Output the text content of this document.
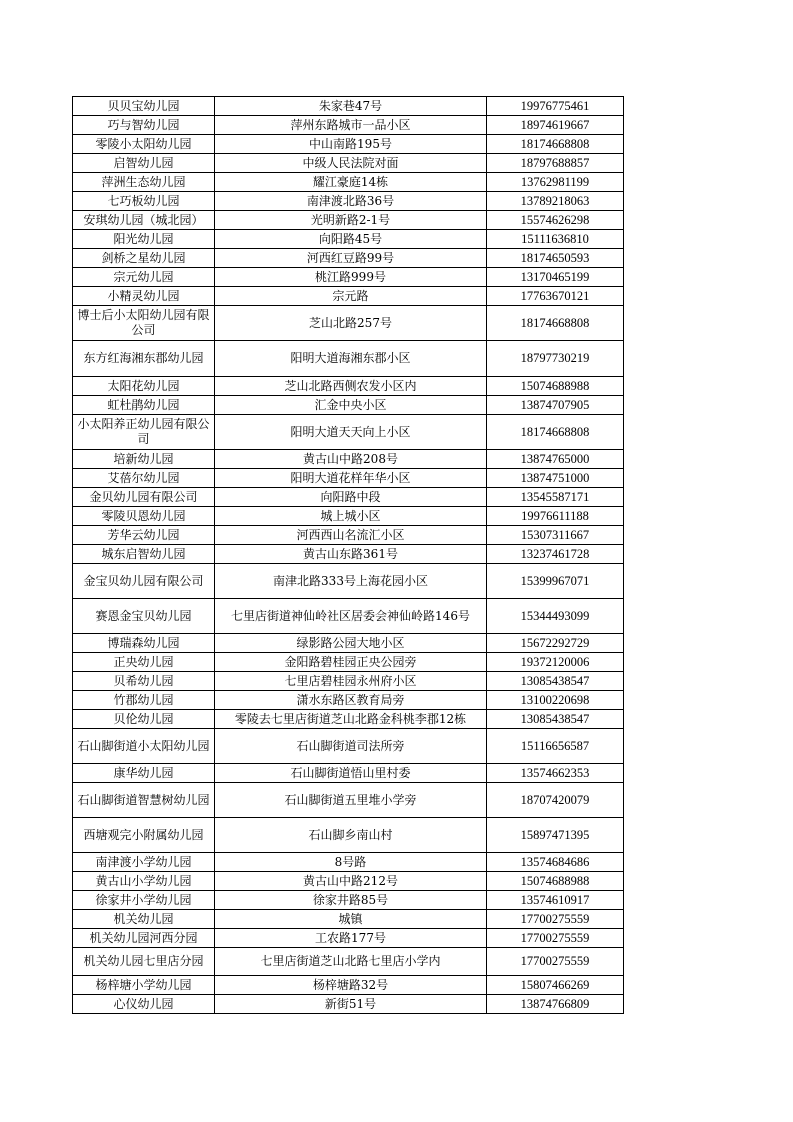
贝贝宝幼儿园	朱家巷47号	19976775461
巧与智幼儿园	萍州东路城市一品小区	18974619667
零陵小太阳幼儿园	中山南路195号	18174668808
启智幼儿园	中级人民法院对面	18797688857
萍洲生态幼儿园	耀江豪庭14栋	13762981199
七巧板幼儿园	南津渡北路36号	13789218063
安琪幼儿园（城北园）	光明新路2-1号	15574626298
阳光幼儿园	向阳路45号	15111636810
剑桥之星幼儿园	河西红豆路99号	18174650593
宗元幼儿园	桃江路999号	13170465199
小精灵幼儿园	宗元路	17763670121
博士后小太阳幼儿园有限公司	芝山北路257号	18174668808
东方红海湘东郡幼儿园	阳明大道海湘东郡小区	18797730219
太阳花幼儿园	芝山北路西侧农发小区内	15074688988
虹杜鹃幼儿园	汇金中央小区	13874707905
小太阳养正幼儿园有限公司	阳明大道天天向上小区	18174668808
培新幼儿园	黄古山中路208号	13874765000
艾蓓尔幼儿园	阳明大道花样年华小区	13874751000
金贝幼儿园有限公司	向阳路中段	13545587171
零陵贝恩幼儿园	城上城小区	19976611188
芳华云幼儿园	河西西山名流汇小区	15307311667
城东启智幼儿园	黄古山东路361号	13237461728
金宝贝幼儿园有限公司	南津北路333号上海花园小区	15399967071
赛恩金宝贝幼儿园	七里店街道神仙岭社区居委会神仙岭路146号	15344493099
博瑞森幼儿园	绿影路公园大地小区	15672292729
正央幼儿园	金阳路碧桂园正央公园旁	19372120006
贝希幼儿园	七里店碧桂园永州府小区	13085438547
竹郡幼儿园	潇水东路区教育局旁	13100220698
贝伦幼儿园	零陵去七里店街道芝山北路金科桃李郡12栋	13085438547
石山脚街道小太阳幼儿园	石山脚街道司法所旁	15116656587
康华幼儿园	石山脚街道悟山里村委	13574662353
石山脚街道智慧树幼儿园	石山脚街道五里堆小学旁	18707420079
西塘观完小附属幼儿园	石山脚乡南山村	15897471395
南津渡小学幼儿园	8号路	13574684686
黄古山小学幼儿园	黄古山中路212号	15074688988
徐家井小学幼儿园	徐家井路85号	13574610917
机关幼儿园	城镇	17700275559
机关幼儿园河西分园	工农路177号	17700275559
机关幼儿园七里店分园	七里店街道芝山北路七里店小学内	17700275559
杨梓塘小学幼儿园	杨梓塘路32号	15807466269
心仪幼儿园	新街51号	13874766809
